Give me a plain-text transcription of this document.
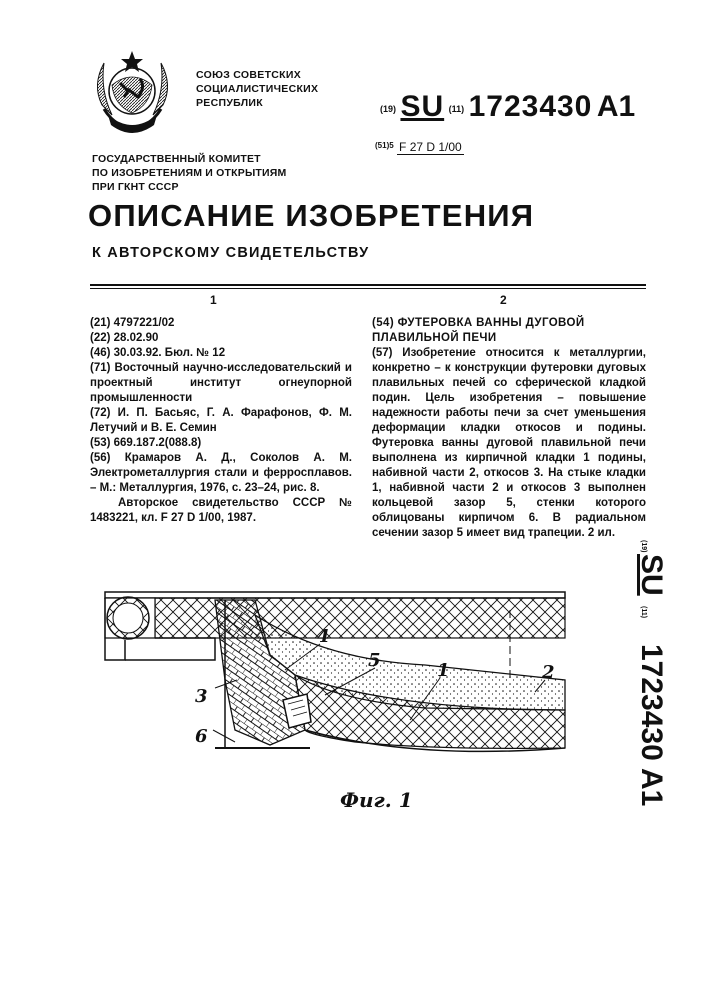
СОЮЗ СОВЕТСКИХ
СОЦИАЛИСТИЧЕСКИХ
РЕСПУБЛИК	$^{(19)}$ SU $^{(11)}$ 1723430 A1
$^{(51)5}$ F 27 D 1/00
ГОСУДАРСТВЕННЫЙ КОМИТЕТ
ПО ИЗОБРЕТЕНИЯМ И ОТКРЫТИЯМ
ПРИ ГКНТ СССР
ОПИСАНИЕ ИЗОБРЕТЕНИЯ
К АВТОРСКОМУ СВИДЕТЕЛЬСТВУ
1	2
(21) 4797221/02
(22) 28.02.90
(46) 30.03.92. Бюл. № 12
(71) Восточный научно-исследовательский и проектный институт огнеупорной промышленности
(72) И. П. Басьяс, Г. А. Фарафонов, Ф. М. Летучий и В. Е. Семин
(53) 669.187.2(088.8)
(56) Крамаров А. Д., Соколов А. М. Электрометаллургия стали и ферросплавов. – М.: Металлургия, 1976, с. 23–24, рис. 8.
Авторское свидетельство СССР № 1483221, кл. F 27 D 1/00, 1987.
(54) ФУТЕРОВКА ВАННЫ ДУГОВОЙ ПЛАВИЛЬНОЙ ПЕЧИ
(57) Изобретение относится к металлургии, конкретно – к конструкции футеровки дуговых плавильных печей со сферической кладкой подин. Цель изобретения – повышение надежности работы печи за счет уменьшения деформации кладки откосов и подины. Футеровка ванны дуговой плавильной печи выполнена из кирпичной кладки 1 подины, набивной части 2, откосов 3. На стыке кладки 1, набивной части 2 и откосов 3 выполнен кольцевой зазор 5, стенки которого облицованы кирпичом 6. В радиальном сечении зазор 5 имеет вид трапеции. 2 ил.
(19)
SU
(11)
1723430 A1
1	2
3
4
5
6
Фиг. 1
